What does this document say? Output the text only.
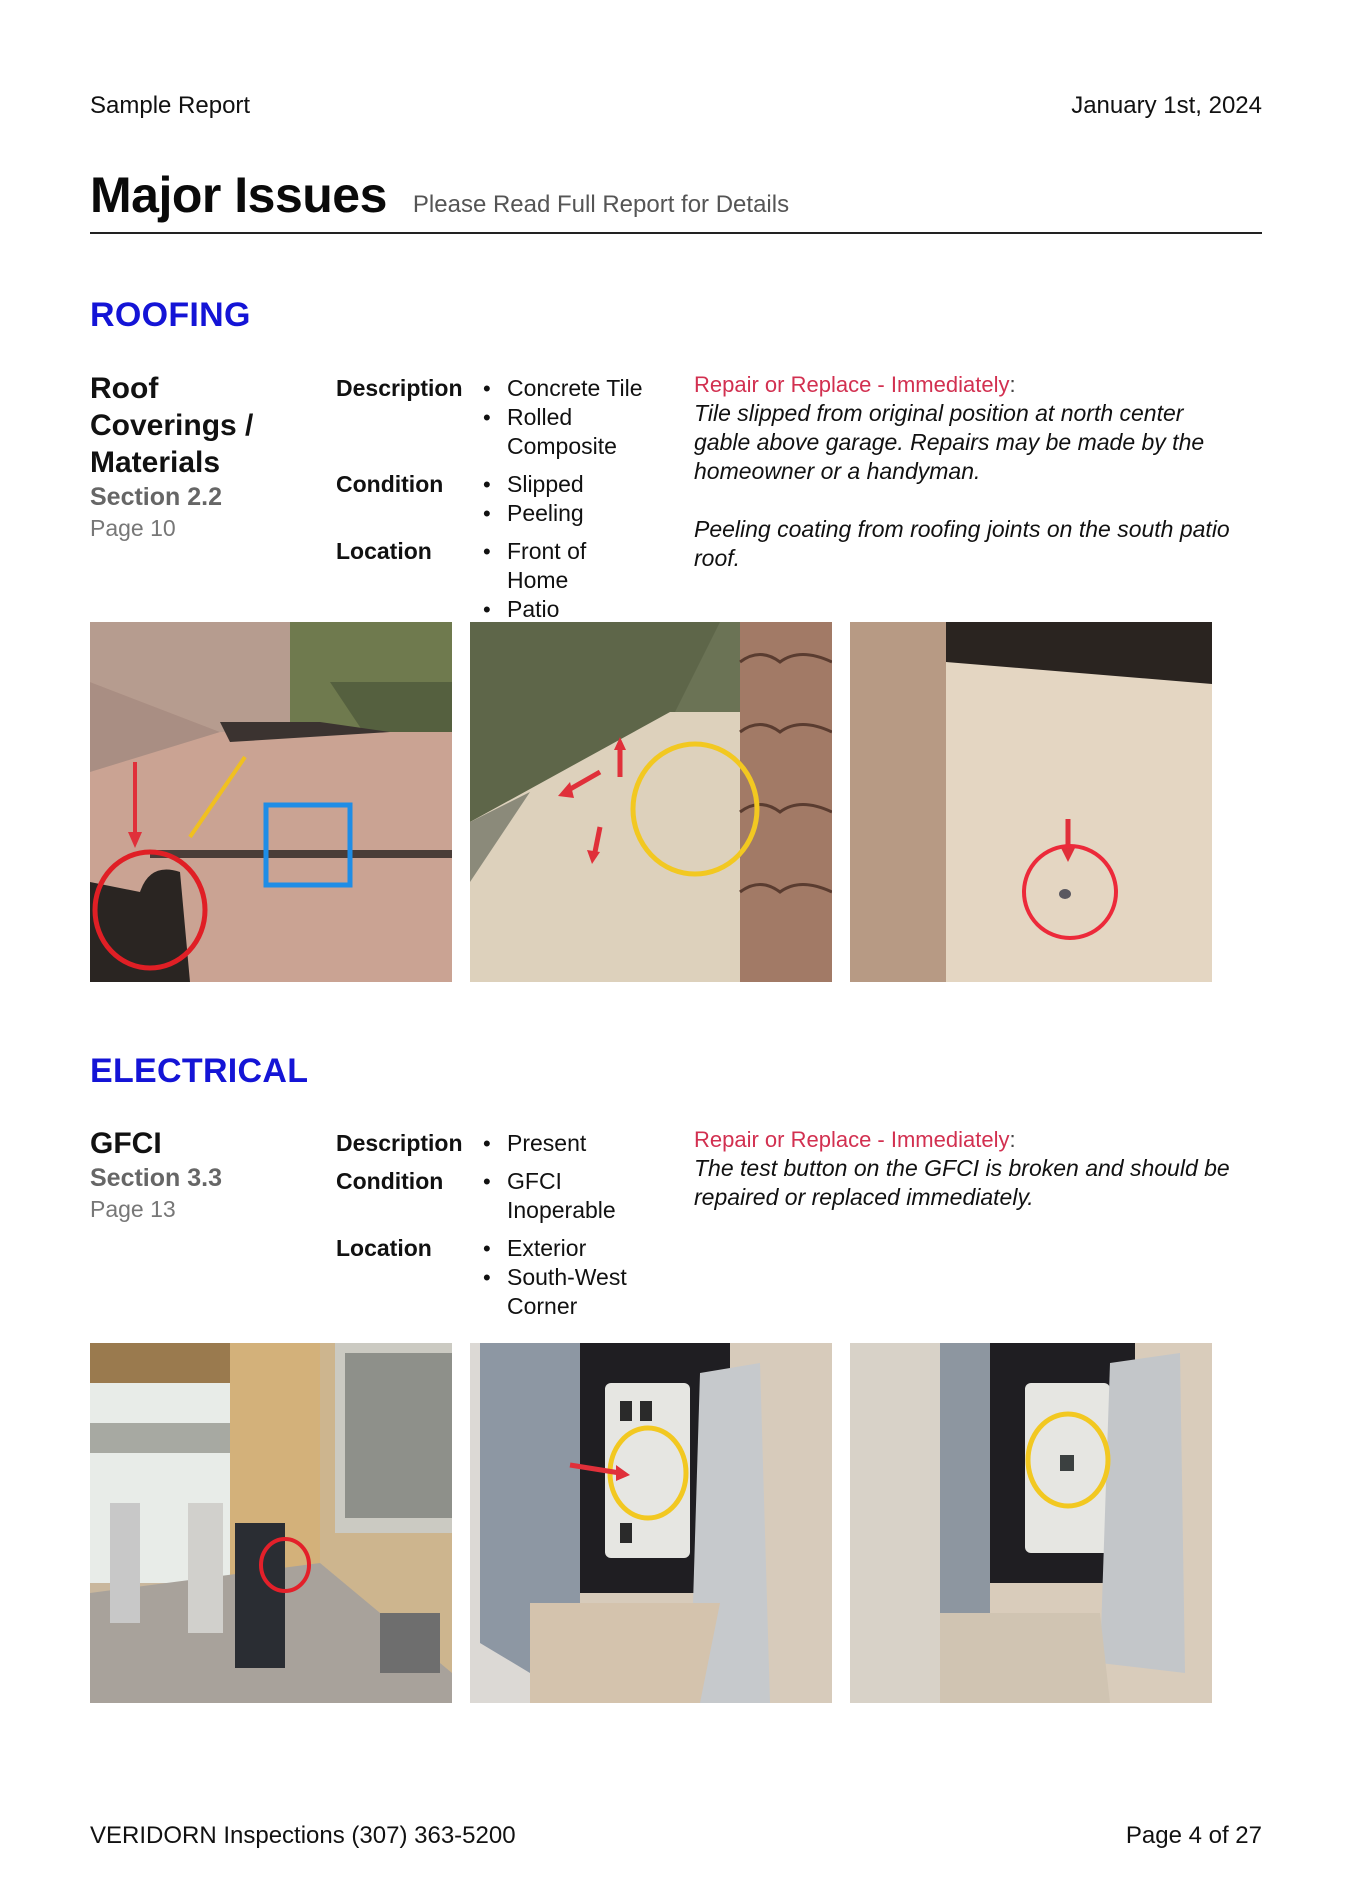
Sample Report	January 1st, 2024
Major Issues Please Read Full Report for Details
ROOFING
Roof Coverings / Materials
Section 2.2
Page 10
Description	• Concrete Tile
• Rolled Composite
Condition	• Slipped
• Peeling
Location	• Front of Home
• Patio
Repair or Replace - Immediately:

Tile slipped from original position at north center gable above garage. Repairs may be made by the homeowner or a handyman.

Peeling coating from roofing joints on the south patio roof.

ELECTRICAL
GFCI
Section 3.3
Page 13
Description	• Present
Condition	• GFCI Inoperable
Location	• Exterior
• South-West Corner
Repair or Replace - Immediately:

The test button on the GFCI is broken and should be repaired or replaced immediately.

VERIDORN Inspections (307) 363-5200	Page 4 of 27
